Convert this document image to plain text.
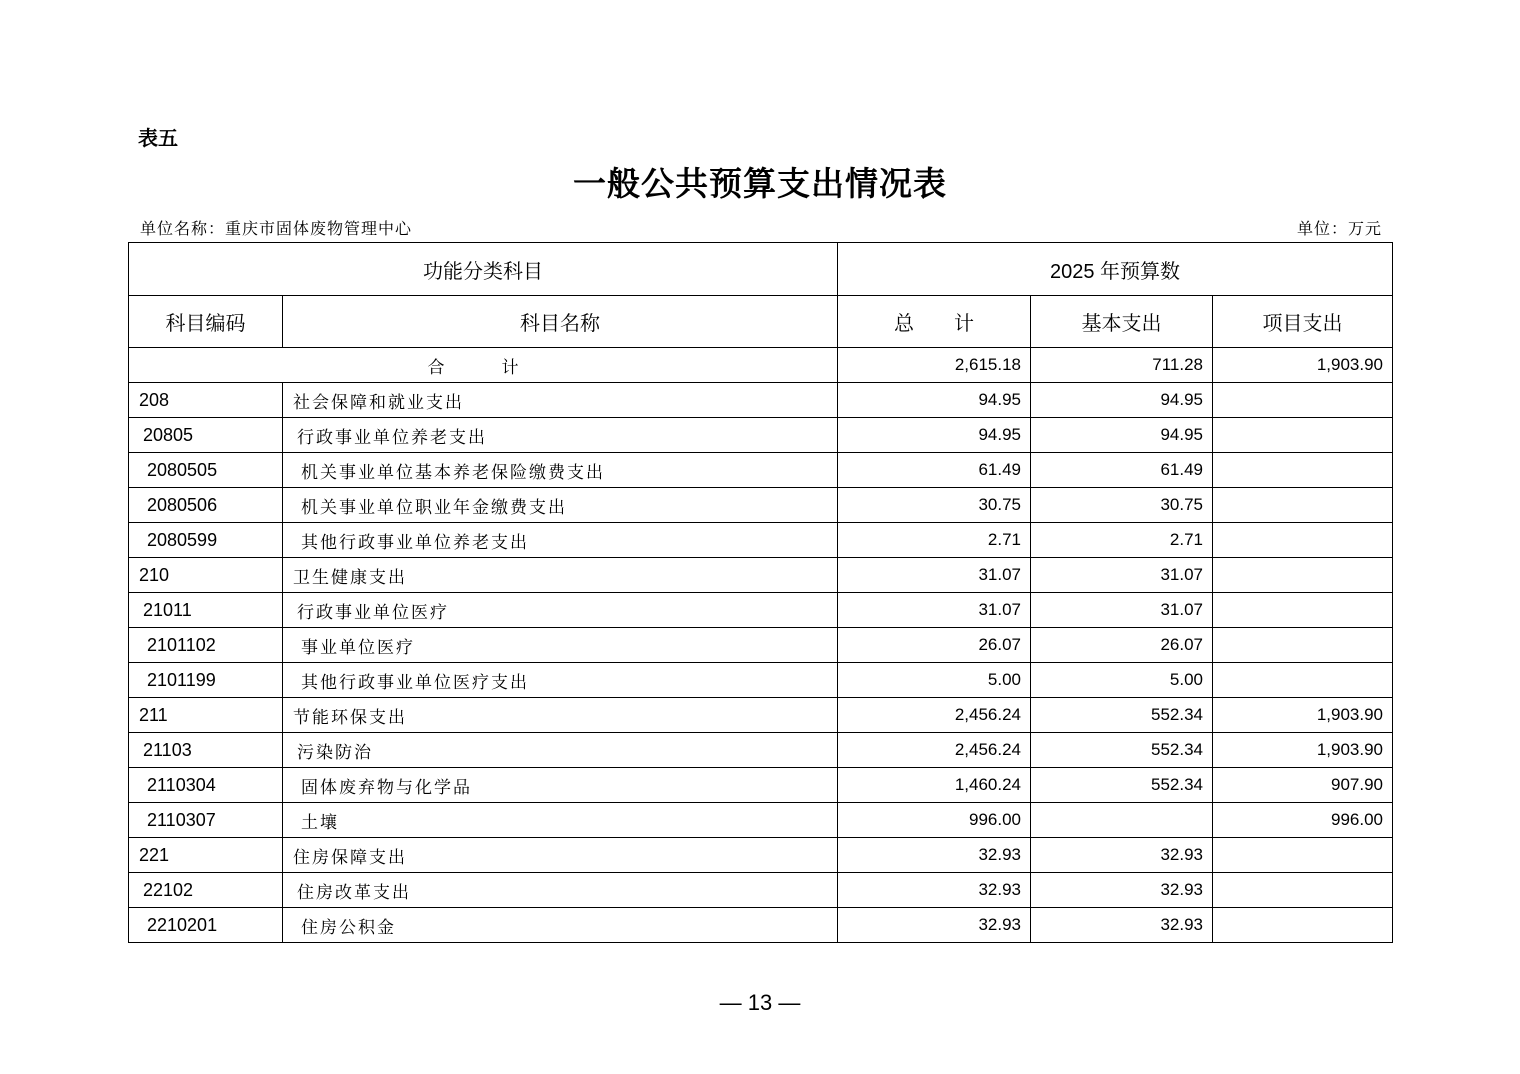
表五
一般公共预算支出情况表
单位名称：重庆市固体废物管理中心	单位：万元
功能分类科目		2025 年预算数		
科目编码	科目名称	总　　计	基本支出	项目支出
合　计		2,615.18	711.28	1,903.90
208	社会保障和就业支出	94.95	94.95	
20805	行政事业单位养老支出	94.95	94.95	
2080505	机关事业单位基本养老保险缴费支出	61.49	61.49	
2080506	机关事业单位职业年金缴费支出	30.75	30.75	
2080599	其他行政事业单位养老支出	2.71	2.71	
210	卫生健康支出	31.07	31.07	
21011	行政事业单位医疗	31.07	31.07	
2101102	事业单位医疗	26.07	26.07	
2101199	其他行政事业单位医疗支出	5.00	5.00	
211	节能环保支出	2,456.24	552.34	1,903.90
21103	污染防治	2,456.24	552.34	1,903.90
2110304	固体废弃物与化学品	1,460.24	552.34	907.90
2110307	土壤	996.00		996.00
221	住房保障支出	32.93	32.93	
22102	住房改革支出	32.93	32.93	
2210201	住房公积金	32.93	32.93	
— 13 —
